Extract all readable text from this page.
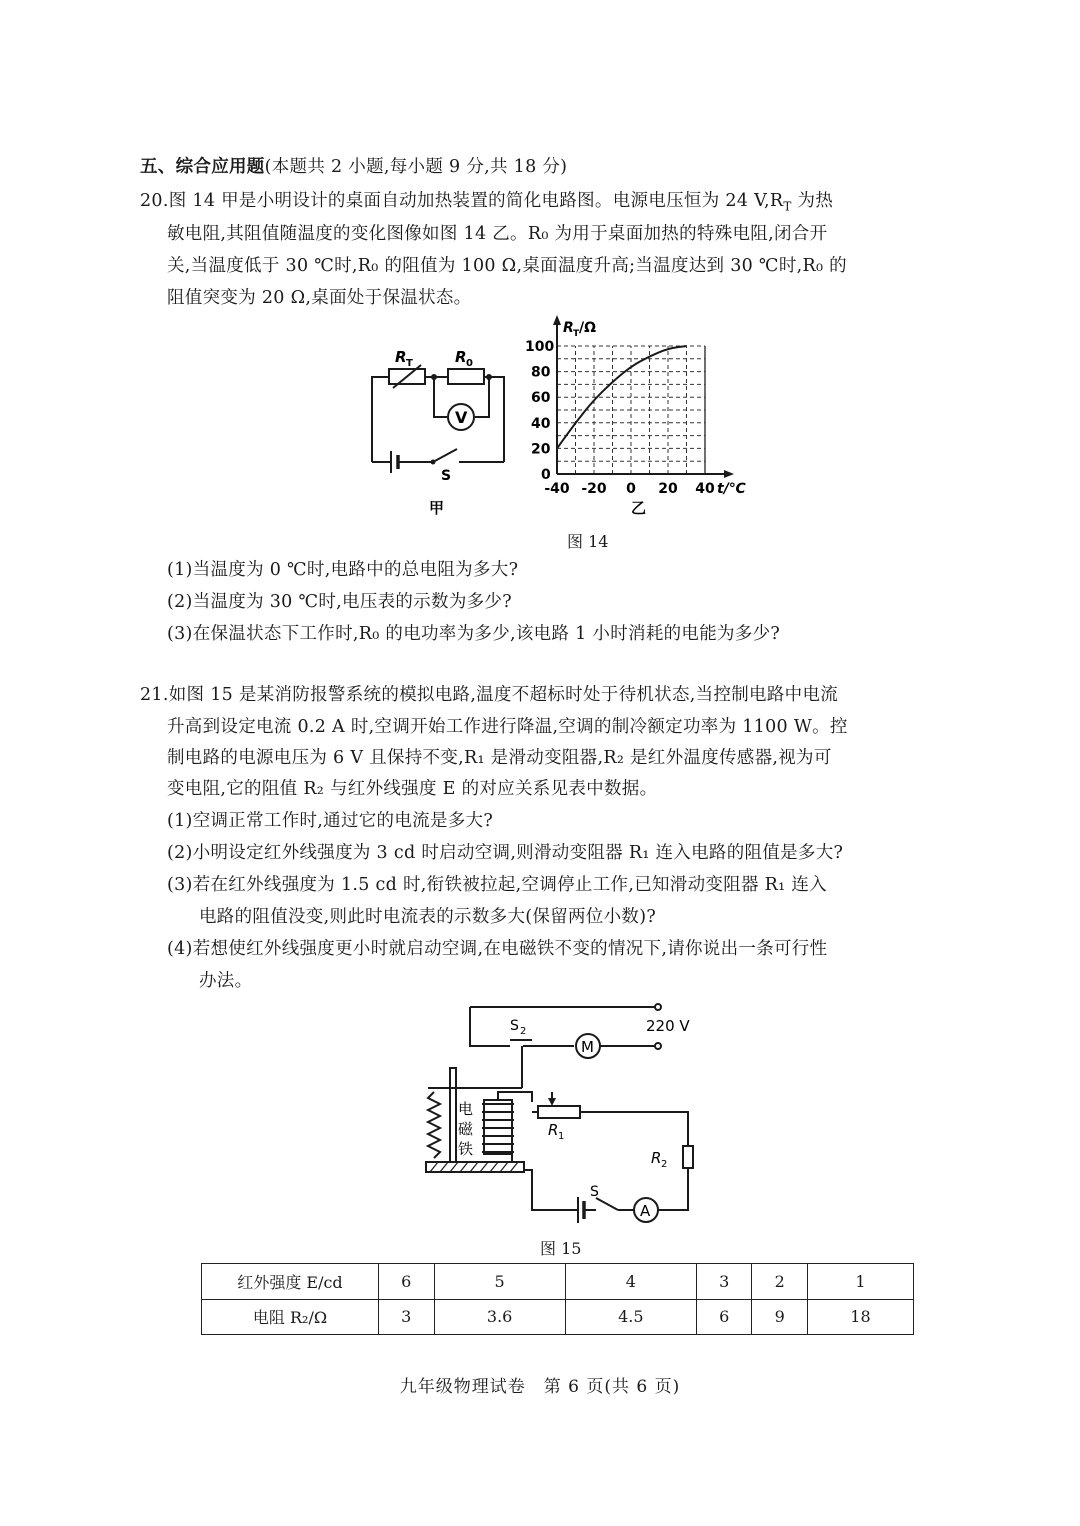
五、综合应用题(本题共 2 小题,每小题 9 分,共 18 分)
20.图 14 甲是小明设计的桌面自动加热装置的简化电路图。电源电压恒为 24 $V,R_T$ 为热
敏电阻,其阻值随温度的变化图像如图 14 乙。R₀ 为用于桌面加热的特殊电阻,闭合开
关,当温度低于 30 ℃时,R₀ 的阻值为 100 Ω,桌面温度升高;当温度达到 30 ℃时,R₀ 的
阻值突变为 20 Ω,桌面处于保温状态。
R T	R 0
V
S
甲
0
20
40
60
80
100
-40 -20 0 20 40 t/℃
R T /Ω
乙
图 14
(1)当温度为 0 ℃时,电路中的总电阻为多大?
(2)当温度为 30 ℃时,电压表的示数为多少?
(3)在保温状态下工作时,R₀ 的电功率为多少,该电路 1 小时消耗的电能为多少?
21.如图 15 是某消防报警系统的模拟电路,温度不超标时处于待机状态,当控制电路中电流
升高到设定电流 0.2 A 时,空调开始工作进行降温,空调的制冷额定功率为 1100 W。控
制电路的电源电压为 6 V 且保持不变,R₁ 是滑动变阻器,R₂ 是红外温度传感器,视为可
变电阻,它的阻值 R₂ 与红外线强度 E 的对应关系见表中数据。
(1)空调正常工作时,通过它的电流是多大?
(2)小明设定红外线强度为 3 cd 时启动空调,则滑动变阻器 R₁ 连入电路的阻值是多大?
(3)若在红外线强度为 1.5 cd 时,衔铁被拉起,空调停止工作,已知滑动变阻器 R₁ 连入
电路的阻值没变,则此时电流表的示数多大(保留两位小数)?
(4)若想使红外线强度更小时就启动空调,在电磁铁不变的情况下,请你说出一条可行性
办法。
220 V
S 2
M
电
磁
铁
R 1
R 2
S
A
图 15
红外强度 E/cd	6	5	4	3	2	1
电阻 R₂/Ω	3	3.6	4.5	6	9	18
九年级物理试卷　第 6 页(共 6 页)
